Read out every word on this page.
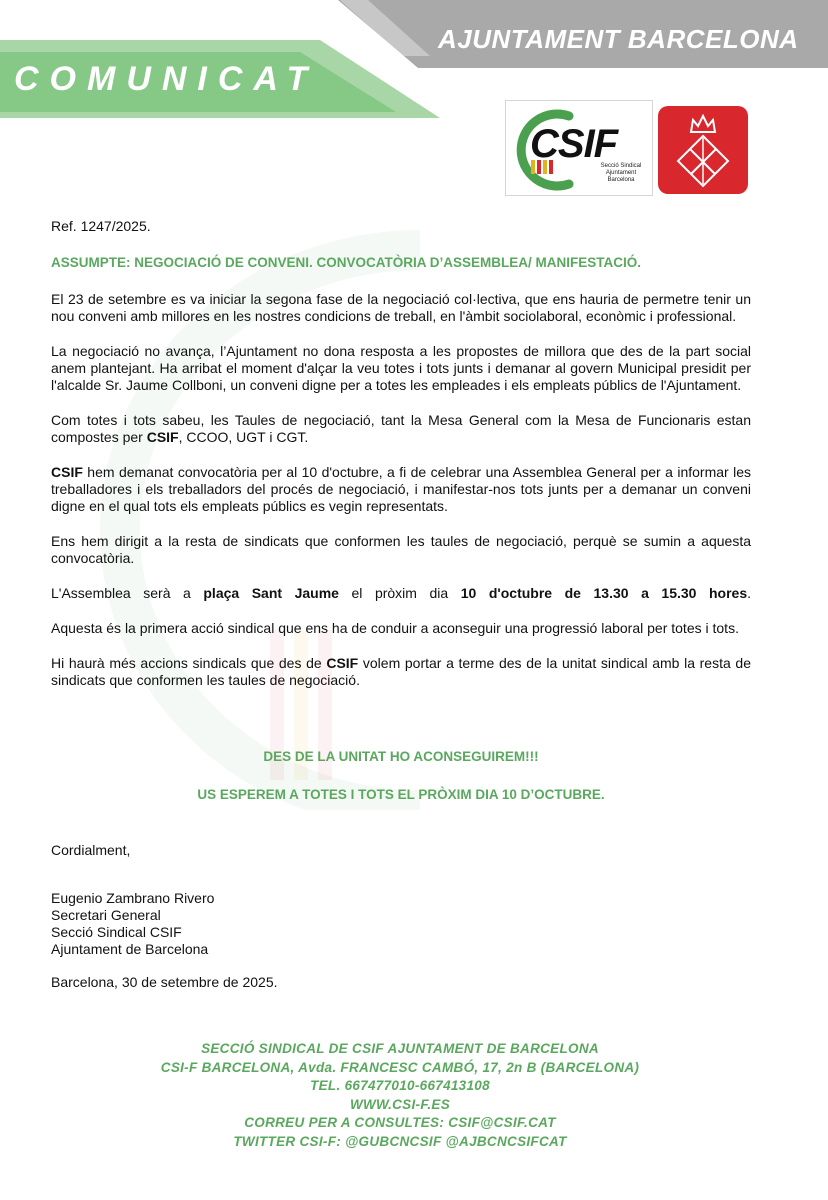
AJUNTAMENT BARCELONA
COMUNICAT
CSIF
Secció Sindical
Ajuntament
Barcelona

Ref. 1247/2025.

ASSUMPTE: NEGOCIACIÓ DE CONVENI. CONVOCATÒRIA D’ASSEMBLEA/ MANIFESTACIÓ.

El 23 de setembre es va iniciar la segona fase de la negociació col·lectiva, que ens hauria de permetre tenir un nou conveni amb millores en les nostres condicions de treball, en l'àmbit sociolaboral, econòmic i professional.

La negociació no avança, l’Ajuntament no dona resposta a les propostes de millora que des de la part social anem plantejant. Ha arribat el moment d'alçar la veu totes i tots junts i demanar al govern Municipal presidit per l'alcalde Sr. Jaume Collboni, un conveni digne per a totes les empleades i els empleats públics de l'Ajuntament.

Com totes i tots sabeu, les Taules de negociació, tant la Mesa General com la Mesa de Funcionaris estan compostes per CSIF, CCOO, UGT i CGT.

CSIF hem demanat convocatòria per al 10 d'octubre, a fi de celebrar una Assemblea General per a informar les treballadores i els treballadors del procés de negociació, i manifestar-nos tots junts per a demanar un conveni digne en el qual tots els empleats públics es vegin representats.

Ens hem dirigit a la resta de sindicats que conformen les taules de negociació, perquè se sumin a aquesta convocatòria.

L'Assemblea serà a plaça Sant Jaume el pròxim dia 10 d'octubre de 13.30 a 15.30 hores.

Aquesta és la primera acció sindical que ens ha de conduir a aconseguir una progressió laboral per totes i tots.

Hi haurà més accions sindicals que des de CSIF volem portar a terme des de la unitat sindical amb la resta de sindicats que conformen les taules de negociació.

DES DE LA UNITAT HO ACONSEGUIREM!!!
US ESPEREM A TOTES I TOTS EL PRÒXIM DIA 10 D’OCTUBRE.
Cordialment,
Eugenio Zambrano Rivero
Secretari General
Secció Sindical CSIF
Ajuntament de Barcelona
Barcelona, 30 de setembre de 2025.
SECCIÓ SINDICAL DE CSIF AJUNTAMENT DE BARCELONA
CSI-F BARCELONA, Avda. FRANCESC CAMBÓ, 17, 2n B (BARCELONA)
TEL. 667477010-667413108
WWW.CSI-F.ES
CORREU PER A CONSULTES: CSIF@CSIF.CAT
TWITTER CSI-F: @GUBCNCSIF @AJBCNCSIFCAT
